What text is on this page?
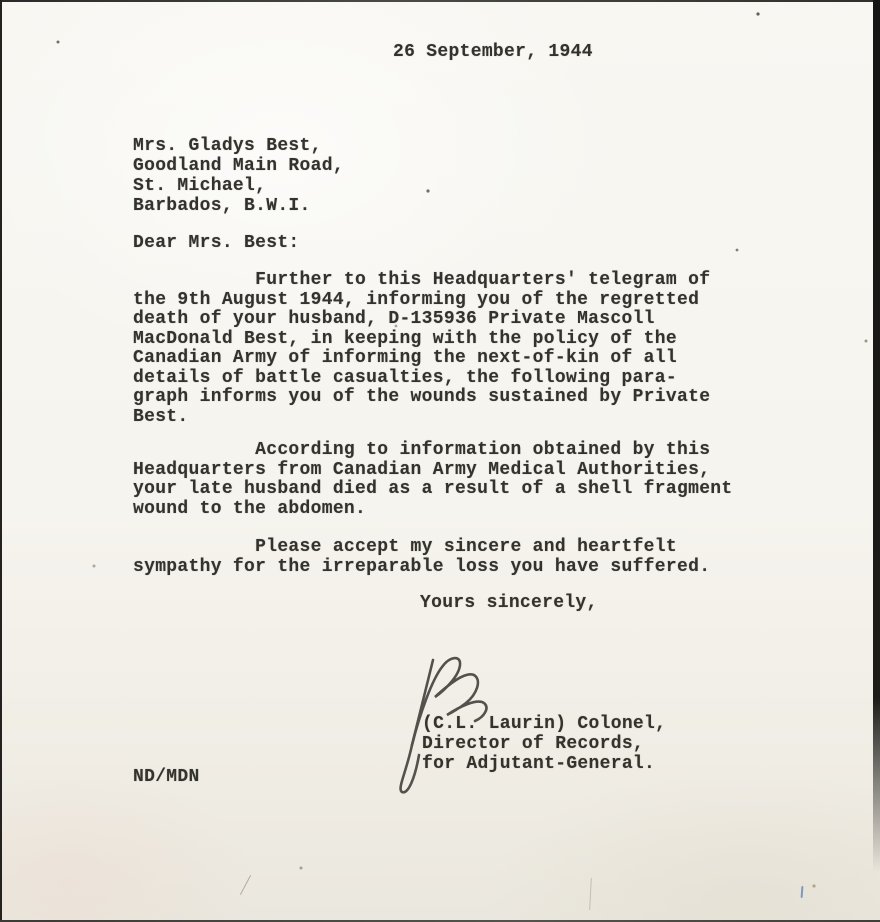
26 September, 1944
Mrs. Gladys Best,
Goodland Main Road,
St. Michael,
Barbados, B.W.I.
Dear Mrs. Best:
Further to this Headquarters' telegram of
the 9th August 1944, informing you of the regretted
death of your husband, D-135936 Private Mascoll
MacDonald Best, in keeping with the policy of the
Canadian Army of informing the next-of-kin of all
details of battle casualties, the following para-
graph informs you of the wounds sustained by Private
Best.
According to information obtained by this
Headquarters from Canadian Army Medical Authorities,
your late husband died as a result of a shell fragment
wound to the abdomen.
Please accept my sincere and heartfelt
sympathy for the irreparable loss you have suffered.
Yours sincerely,
(C.L. Laurin) Colonel,
Director of Records,
for Adjutant-General.
ND/MDN
